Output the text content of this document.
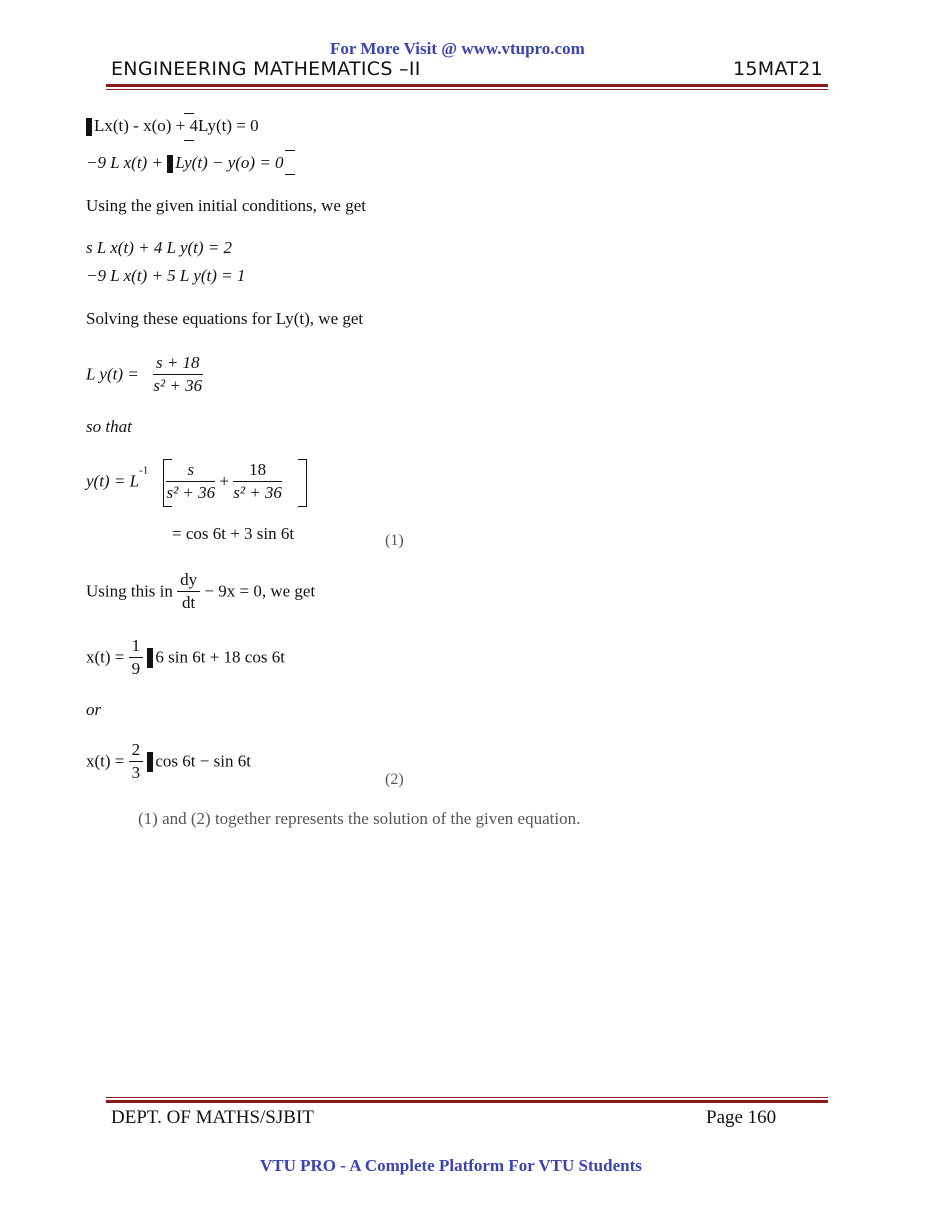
For More Visit @ www.vtupro.com
ENGINEERING MATHEMATICS –II	15MAT21
Lx(t) - x(o) + 4Ly(t) = 0
−9 L x(t) + Ly(t) − y(o) = 0
Using the given initial conditions, we get
s L x(t) + 4 L y(t) = 2
−9 L x(t) + 5 L y(t) = 1
Solving these equations for Ly(t), we get
L $y(t) = \frac{s + 18}{\text{s² + 36}}$
so that
$y(t) = L^{-1} \frac{s}{\text{s² + 36}} + \frac{18}{\text{s² + 36}}$
= cos 6t + 3 sin 6t	(1)
Using this in $\frac{dy}{dt} - 9x = 0$, we get
$x(t) = \frac{1}{9} 6$ sin 6t + 18 cos 6t
or
$x(t) = \frac{2}{3}$ cos 6t − sin 6t
(2)
(1) and (2) together represents the solution of the given equation.
DEPT. OF MATHS/SJBIT	Page 160
VTU PRO - A Complete Platform For VTU Students
